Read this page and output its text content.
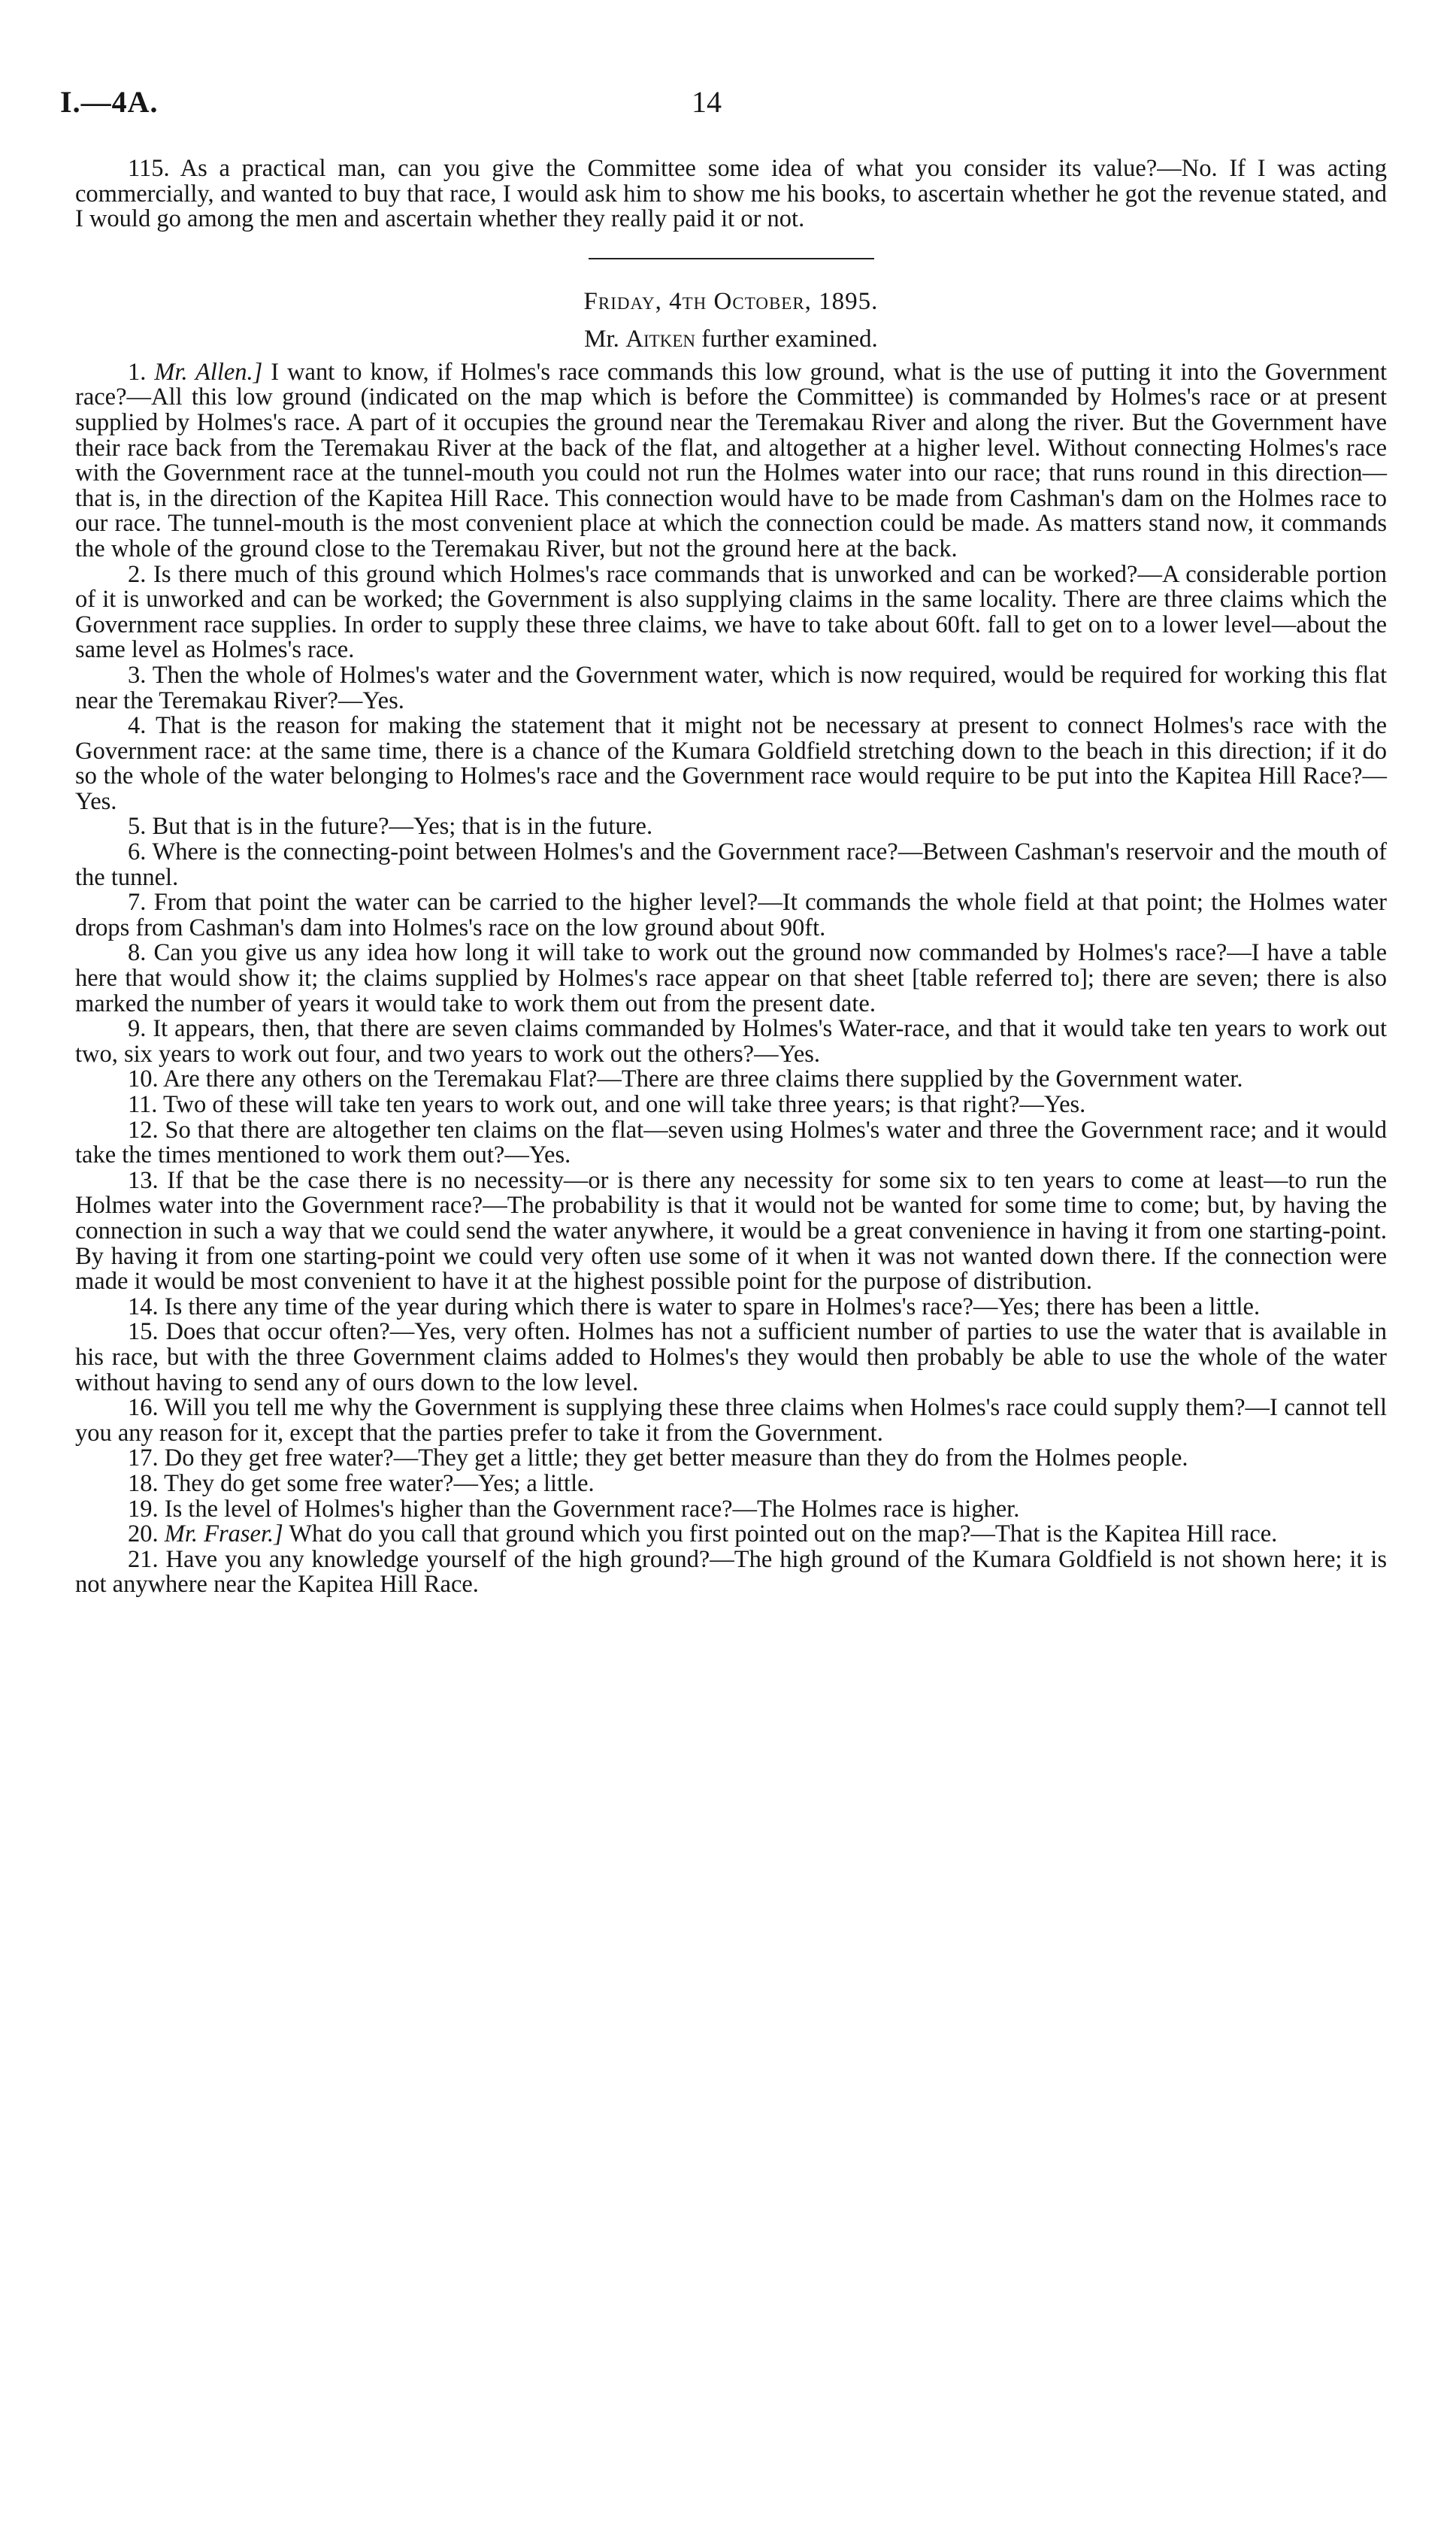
I.—4A.	14

115. As a practical man, can you give the Committee some idea of what you consider its value?—No. If I was acting commercially, and wanted to buy that race, I would ask him to show me his books, to ascertain whether he got the revenue stated, and I would go among the men and ascertain whether they really paid it or not.

Friday, 4th October, 1895.

Mr. Aitken further examined.

1. Mr. Allen.] I want to know, if Holmes's race commands this low ground, what is the use of putting it into the Government race?—All this low ground (indicated on the map which is before the Committee) is commanded by Holmes's race or at present supplied by Holmes's race. A part of it occupies the ground near the Teremakau River and along the river. But the Government have their race back from the Teremakau River at the back of the flat, and altogether at a higher level. Without connecting Holmes's race with the Government race at the tunnel-mouth you could not run the Holmes water into our race; that runs round in this direction—that is, in the direction of the Kapitea Hill Race. This connection would have to be made from Cashman's dam on the Holmes race to our race. The tunnel-mouth is the most convenient place at which the connection could be made. As matters stand now, it commands the whole of the ground close to the Teremakau River, but not the ground here at the back.

2. Is there much of this ground which Holmes's race commands that is unworked and can be worked?—A considerable portion of it is unworked and can be worked; the Government is also supplying claims in the same locality. There are three claims which the Government race supplies. In order to supply these three claims, we have to take about 60ft. fall to get on to a lower level—about the same level as Holmes's race.

3. Then the whole of Holmes's water and the Government water, which is now required, would be required for working this flat near the Teremakau River?—Yes.

4. That is the reason for making the statement that it might not be necessary at present to connect Holmes's race with the Government race: at the same time, there is a chance of the Kumara Goldfield stretching down to the beach in this direction; if it do so the whole of the water belonging to Holmes's race and the Government race would require to be put into the Kapitea Hill Race?—Yes.

5. But that is in the future?—Yes; that is in the future.

6. Where is the connecting-point between Holmes's and the Government race?—Between Cashman's reservoir and the mouth of the tunnel.

7. From that point the water can be carried to the higher level?—It commands the whole field at that point; the Holmes water drops from Cashman's dam into Holmes's race on the low ground about 90ft.

8. Can you give us any idea how long it will take to work out the ground now commanded by Holmes's race?—I have a table here that would show it; the claims supplied by Holmes's race appear on that sheet [table referred to]; there are seven; there is also marked the number of years it would take to work them out from the present date.

9. It appears, then, that there are seven claims commanded by Holmes's Water-race, and that it would take ten years to work out two, six years to work out four, and two years to work out the others?—Yes.

10. Are there any others on the Teremakau Flat?—There are three claims there supplied by the Government water.

11. Two of these will take ten years to work out, and one will take three years; is that right?—Yes.

12. So that there are altogether ten claims on the flat—seven using Holmes's water and three the Government race; and it would take the times mentioned to work them out?—Yes.

13. If that be the case there is no necessity—or is there any necessity for some six to ten years to come at least—to run the Holmes water into the Government race?—The probability is that it would not be wanted for some time to come; but, by having the connection in such a way that we could send the water anywhere, it would be a great convenience in having it from one starting-point. By having it from one starting-point we could very often use some of it when it was not wanted down there. If the connection were made it would be most convenient to have it at the highest possible point for the purpose of distribution.

14. Is there any time of the year during which there is water to spare in Holmes's race?—Yes; there has been a little.

15. Does that occur often?—Yes, very often. Holmes has not a sufficient number of parties to use the water that is available in his race, but with the three Government claims added to Holmes's they would then probably be able to use the whole of the water without having to send any of ours down to the low level.

16. Will you tell me why the Government is supplying these three claims when Holmes's race could supply them?—I cannot tell you any reason for it, except that the parties prefer to take it from the Government.

17. Do they get free water?—They get a little; they get better measure than they do from the Holmes people.

18. They do get some free water?—Yes; a little.

19. Is the level of Holmes's higher than the Government race?—The Holmes race is higher.

20. Mr. Fraser.] What do you call that ground which you first pointed out on the map?—That is the Kapitea Hill race.

21. Have you any knowledge yourself of the high ground?—The high ground of the Kumara Goldfield is not shown here; it is not anywhere near the Kapitea Hill Race.
